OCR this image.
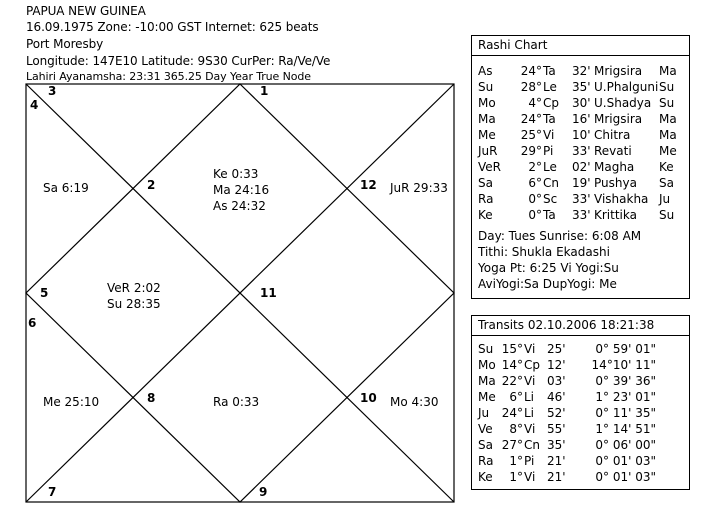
PAPUA NEW GUINEA
16.09.1975 Zone: -10:00 GST Internet: 625 beats
Port Moresby
Longitude: 147E10 Latitude: 9S30 CurPer: Ra/Ve/Ve
Lahiri Ayanamsha: 23:31 365.25 Day Year True Node
1
2
3
4
5
6
7
8
9
10
11
12
Ke 0:33
Ma 24:16
As 24:32
Sa 6:19	JuR 29:33
VeR 2:02
Su 28:35
Me 25:10	Ra 0:33	Mo 4:30
Rashi Chart
As 24° Ta 32' Mrigsira Ma
Su 28° Le 35' U.Phalguni Su
Mo	4° Cp 30' U.Shadya Su
Ma 24° Ta 16' Mrigsira Ma
Me 25° Vi 10' Chitra Ma
JuR 29° Pi 33' Revati Me
VeR 2° Le 02' Magha Ke
Sa	6° Cn 19' Pushya Sa
Ra	0° Sc 33' Vishakha Ju
Ke	0° Ta 33' Krittika Su
Day: Tues Sunrise: 6:08 AM
Tithi: Shukla Ekadashi
Yoga Pt: 6:25 Vi Yogi:Su
AviYogi:Sa DupYogi: Me
Transits 02.10.2006 18:21:38
Su 15° Vi 25' 0° 59' 01"
Mo 14° Cp 12' 14°10' 11"
Ma 22° Vi 03' 0° 39' 36"
Me 6° Li 46' 1° 23' 01"
Ju 24° Li 52' 0° 11' 35"
Ve 8° Vi 55' 1° 14' 51"
Sa 27° Cn 35' 0° 06' 00"
Ra 1° Pi 21' 0° 01' 03"
Ke 1° Vi 21' 0° 01' 03"
